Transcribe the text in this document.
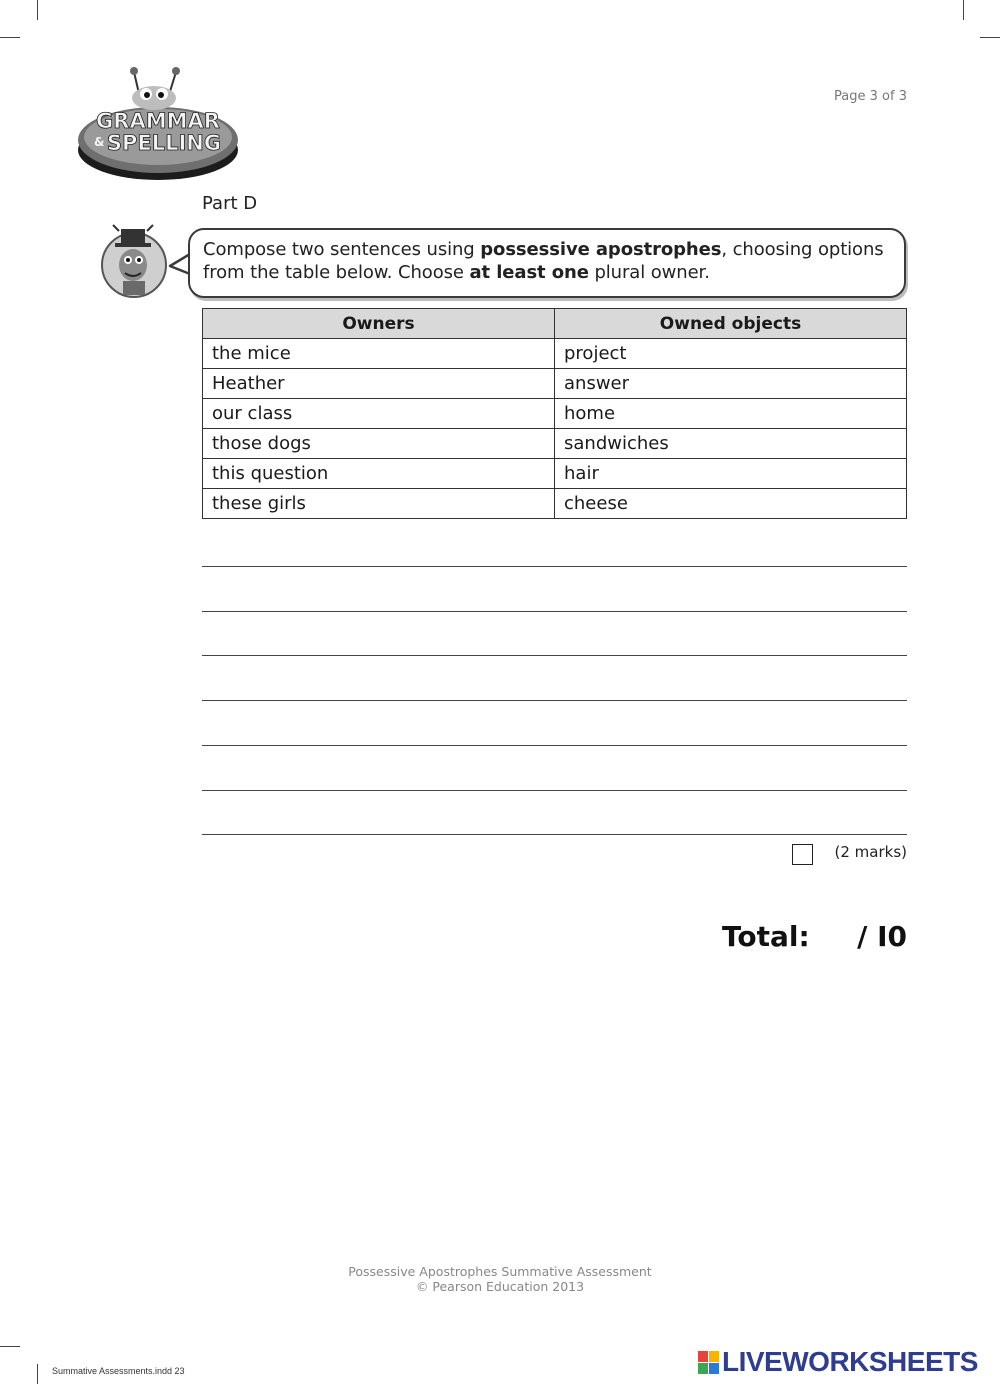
GRAMMAR
& SPELLING
Page 3 of 3
Part D
Compose two sentences using possessive apostrophes, choosing options from the table below. Choose at least one plural owner.
Owners	Owned objects
the mice	project
Heather	answer
our class	home
those dogs	sandwiches
this question	hair
these girls	cheese
(2 marks)
Total: / I0
Possessive Apostrophes Summative Assessment
© Pearson Education 2013
Summative Assessments.indd 23	LIVEWORKSHEETS
